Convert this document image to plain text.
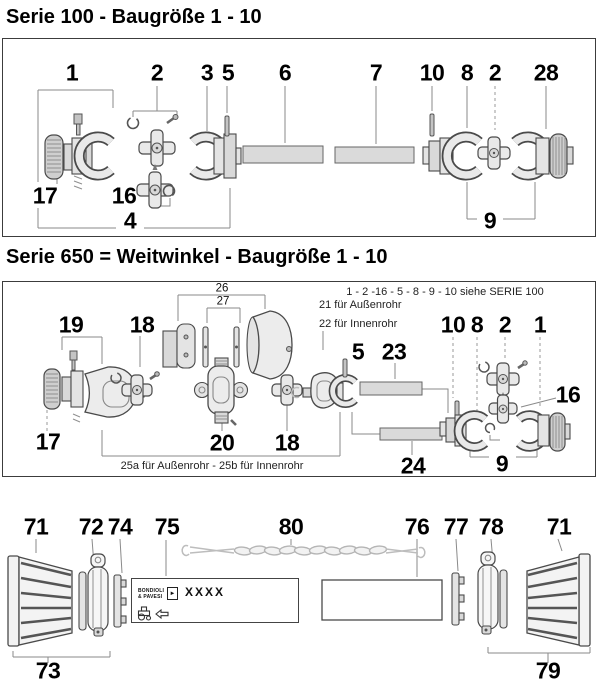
Serie 100 - Baugröße 1 - 10
Serie 650 = Weitwinkel - Baugröße 1 - 10
1	2 3 5 6	7 10 8 2 28
17 16
4	9
1 - 2 -16 - 5 - 8 - 9 - 10 siehe SERIE 100
21 für Außenrohr
22 für Innenrohr
25a für Außenrohr - 25b für Innenrohr
19 18
26
27
10 8 2 1
5 23
16
17	20 18
24	9
71 72 74 75	80	76 77 78 71
73	79
BONDIOLI
& PAVESI
► XXXX
